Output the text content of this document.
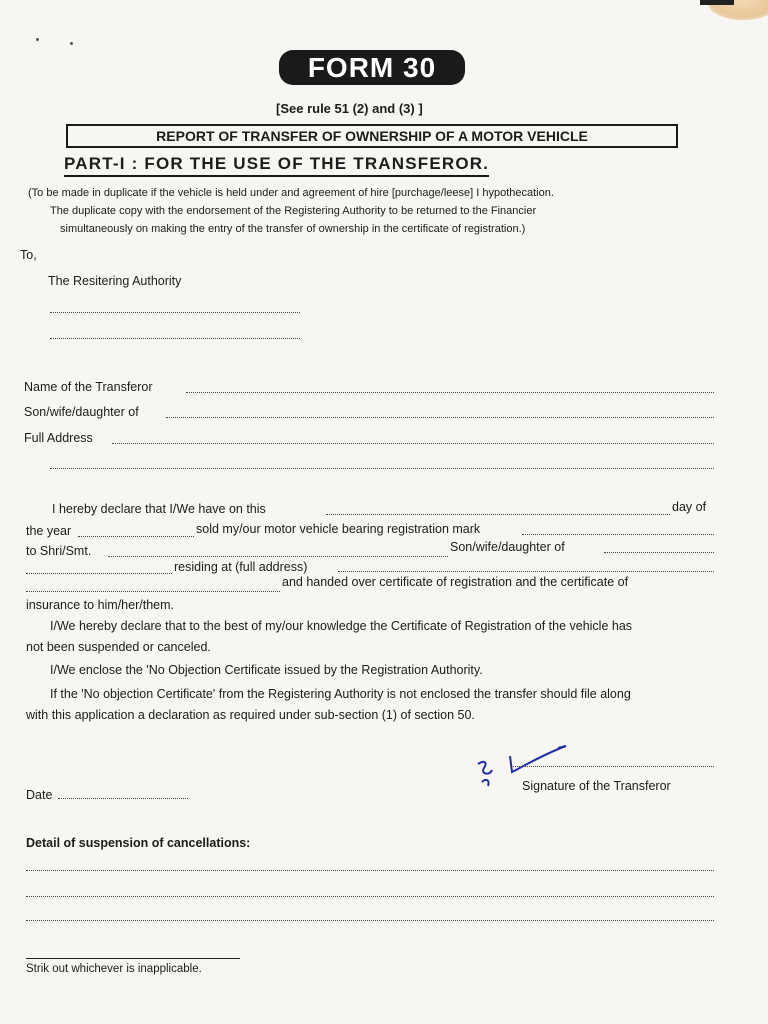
FORM 30
[See rule 51 (2) and (3) ]
REPORT OF TRANSFER OF OWNERSHIP OF A MOTOR VEHICLE
PART-I : FOR THE USE OF THE TRANSFEROR.
(To be made in duplicate if the vehicle is held under and agreement of hire [purchage/leese] I hypothecation.
The duplicate copy with the endorsement of the Registering Authority to be returned to the Financier
simultaneously on making the entry of the transfer of ownership in the certificate of registration.)
To,
The Resitering Authority
Name of the Transferor
Son/wife/daughter of
Full Address
I hereby declare that I/We have on this	day of
the year	sold my/our motor vehicle bearing registration mark
to Shri/Smt.	Son/wife/daughter of
residing at (full address)
and handed over certificate of registration and the certificate of
insurance to him/her/them.
I/We hereby declare that to the best of my/our knowledge the Certificate of Registration of the vehicle has
not been suspended or canceled.
I/We enclose the 'No Objection Certificate issued by the Registration Authority.
If the 'No objection Certificate' from the Registering Authority is not enclosed the transfer should file along
with this application a declaration as required under sub-section (1) of section 50.
Signature of the Transferor
Date
Detail of suspension of cancellations:
Strik out whichever is inapplicable.
